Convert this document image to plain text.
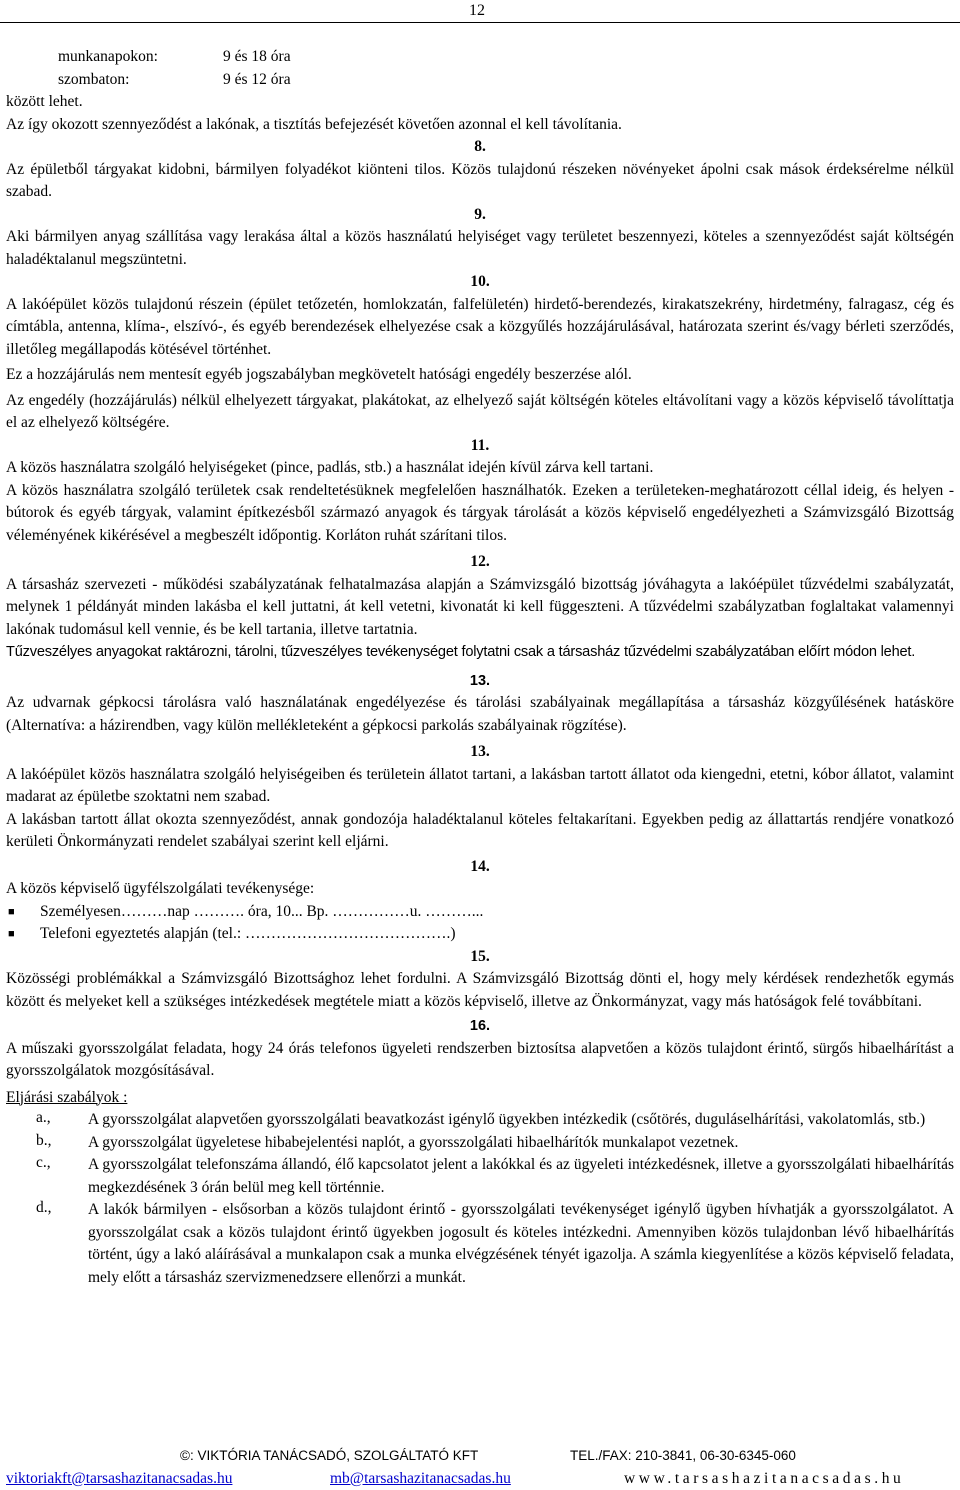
12
munkanapokon:	9 és 18 óra
szombaton:	9 és 12 óra

között lehet.

Az így okozott szennyeződést a lakónak, a tisztítás befejezését követően azonnal el kell távolítania.

8.

Az épületből tárgyakat kidobni, bármilyen folyadékot kiönteni tilos. Közös tulajdonú részeken növényeket ápolni csak mások érdeksérelme nélkül szabad.

9.

Aki bármilyen anyag szállítása vagy lerakása által a közös használatú helyiséget vagy területet beszennyezi, köteles a szennyeződést saját költségén haladéktalanul megszüntetni.

10.

A lakóépület közös tulajdonú részein (épület tetőzetén, homlokzatán, falfelületén) hirdető-berendezés, kirakatszekrény, hirdetmény, falragasz, cég és címtábla, antenna, klíma-, elszívó-, és egyéb berendezések elhelyezése csak a közgyűlés hozzájárulásával, határozata szerint és/vagy bérleti szerződés, illetőleg megállapodás kötésével történhet.

Ez a hozzájárulás nem mentesít egyéb jogszabályban megkövetelt hatósági engedély beszerzése alól.

Az engedély (hozzájárulás) nélkül elhelyezett tárgyakat, plakátokat, az elhelyező saját költségén köteles eltávolítani vagy a közös képviselő távolíttatja el az elhelyező költségére.

11.

A közös használatra szolgáló helyiségeket (pince, padlás, stb.) a használat idején kívül zárva kell tartani.

A közös használatra szolgáló területek csak rendeltetésüknek megfelelően használhatók. Ezeken a területeken-meghatározott céllal ideig, és helyen - bútorok és egyéb tárgyak, valamint építkezésből származó anyagok és tárgyak tárolását a közös képviselő engedélyezheti a Számvizsgáló Bizottság véleményének kikérésével a megbeszélt időpontig. Korláton ruhát szárítani tilos.

12.

A társasház szervezeti - működési szabályzatának felhatalmazása alapján a Számvizsgáló bizottság jóváhagyta a lakóépület tűzvédelmi szabályzatát, melynek 1 példányát minden lakásba el kell juttatni, át kell vetetni, kivonatát ki kell függeszteni. A tűzvédelmi szabályzatban foglaltakat valamennyi lakónak tudomásul kell vennie, és be kell tartania, illetve tartatnia.

Tűzveszélyes anyagokat raktározni, tárolni, tűzveszélyes tevékenységet folytatni csak a társasház tűzvédelmi szabályzatában előírt módon lehet.

13.

Az udvarnak gépkocsi tárolásra való használatának engedélyezése és tárolási szabályainak megállapítása a társasház közgyűlésének hatásköre (Alternatíva: a házirendben, vagy külön mellékleteként a gépkocsi parkolás szabályainak rögzítése).

13.

A lakóépület közös használatra szolgáló helyiségeiben és területein állatot tartani, a lakásban tartott állatot oda kiengedni, etetni, kóbor állatot, valamint madarat az épületbe szoktatni nem szabad.

A lakásban tartott állat okozta szennyeződést, annak gondozója haladéktalanul köteles feltakarítani. Egyekben pedig az állattartás rendjére vonatkozó kerületi Önkormányzati rendelet szabályai szerint kell eljárni.

14.

A közös képviselő ügyfélszolgálati tevékenysége:

■	Személyesen………nap ………. óra, 10... Bp. ……………u. ………...
■	Telefoni egyeztetés alapján (tel.: ………………………………….)

15.

Közösségi problémákkal a Számvizsgáló Bizottsághoz lehet fordulni. A Számvizsgáló Bizottság dönti el, hogy mely kérdések rendezhetők egymás között és melyeket kell a szükséges intézkedések megtétele miatt a közös képviselő, illetve az Önkormányzat, vagy más hatóságok felé továbbítani.

16.

A műszaki gyorsszolgálat feladata, hogy 24 órás telefonos ügyeleti rendszerben biztosítsa alapvetően a közös tulajdont érintő, sürgős hibaelhárítást a gyorsszolgálatok mozgósításával.

Eljárási szabályok :

a.,	A gyorsszolgálat alapvetően gyorsszolgálati beavatkozást igénylő ügyekben intézkedik (csőtörés, duguláselhárítási, vakolatomlás, stb.)
b.,	A gyorsszolgálat ügyeletese hibabejelentési naplót, a gyorsszolgálati hibaelhárítók munkalapot vezetnek.
c.,	A gyorsszolgálat telefonszáma állandó, élő kapcsolatot jelent a lakókkal és az ügyeleti intézkedésnek, illetve a gyorsszolgálati hibaelhárítás megkezdésének 3 órán belül meg kell történnie.
d.,	A lakók bármilyen - elsősorban a közös tulajdont érintő - gyorsszolgálati tevékenységet igénylő ügyben hívhatják a gyorsszolgálatot. A gyorsszolgálat csak a közös tulajdont érintő ügyekben jogosult és köteles intézkedni. Amennyiben közös tulajdonban lévő hibaelhárítás történt, úgy a lakó aláírásával a munkalapon csak a munka elvégzésének tényét igazolja. A számla kiegyenlítése a közös képviselő feladata, mely előtt a társasház szervizmenedzsere ellenőrzi a munkát.
©: VIKTÓRIA TANÁCSADÓ, SZOLGÁLTATÓ KFT	TEL./FAX: 210-3841, 06-30-6345-060
viktoriakft@tarsashazitanacsadas.hu	mb@tarsashazitanacsadas.hu	www.tarsashazitanacsadas.hu
